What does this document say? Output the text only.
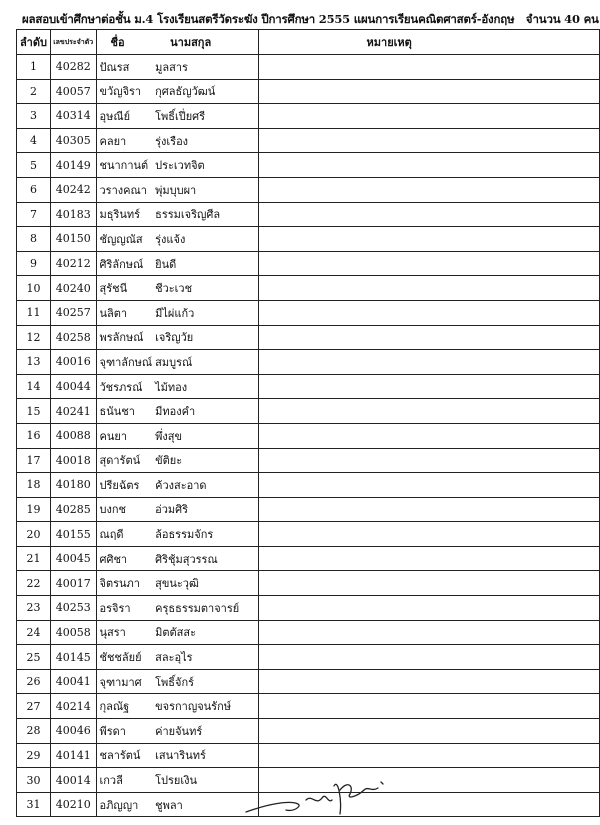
ผลสอบเข้าศึกษาต่อชั้น ม.4 โรงเรียนสตรีวัดระฆัง ปีการศึกษา 2555 แผนการเรียนคณิตศาสตร์-อังกฤษ จำนวน 40 คน
ลำดับ	เลขประจำตัว	ชื่อ	นามสกุล	หมายเหตุ
1	40282	ปัณรส	มูลสาร	
2	40057	ขวัญจิรา	กุศลธัญวัฒน์	
3	40314	อุษณีย์	โพธิ์เปี่ยศรี	
4	40305	คลยา	รุ่งเรือง	
5	40149	ชนากานต์	ประเวทจิต	
6	40242	วรางคณา	พุ่มบุบผา	
7	40183	มธุรินทร์	ธรรมเจริญศีล	
8	40150	ชัญญณัส	รุ่งแจ้ง	
9	40212	ศิริลักษณ์	ยินดี	
10	40240	สุรัชนี	ชีวะเวช	
11	40257	นลิตา	มีไผ่แก้ว	
12	40258	พรลักษณ์	เจริญวัย	
13	40016	จุฑาลักษณ์	สมบูรณ์	
14	40044	วัชรภรณ์	ไม้ทอง	
15	40241	ธนันชา	มีทองคำ	
16	40088	คนยา	พึ่งสุข	
17	40018	สุดารัตน์	ขัติยะ	
18	40180	ปรียฉัตร	ค้วงสะอาด	
19	40285	บงกช	อ่วมศิริ	
20	40155	ณฤดี	ล้อธรรมจักร	
21	40045	ศศิชา	ศิริชุ้มสุวรรณ	
22	40017	จิตรนภา	สุขนะวุฒิ	
23	40253	อรจิรา	ครุธธรรมตาจารย์	
24	40058	นุสรา	มิตตัสสะ	
25	40145	ชัชชลัยย์	สละอุไร	
26	40041	จุฑามาศ	โพธิ์จักร์	
27	40214	กุลณัฐ	ขจรกาญจนรักษ์	
28	40046	พีรดา	ค่ายจันทร์	
29	40141	ชลารัตน์	เสนารินทร์	
30	40014	เกวลี	โปรยเงิน	
31	40210	อภิญญา	ชูพลา	
